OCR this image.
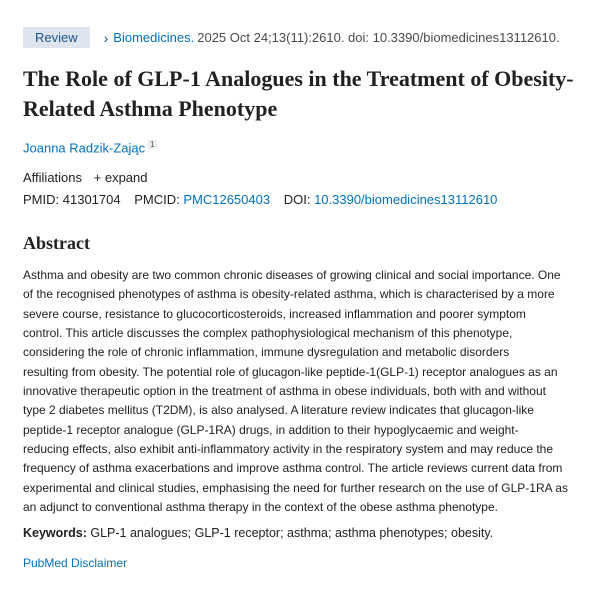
Review	› Biomedicines. 2025 Oct 24;13(11):2610. doi: 10.3390/biomedicines13112610.
The Role of GLP-1 Analogues in the Treatment of Obesity-Related Asthma Phenotype
Joanna Radzik-Zając $^1$
Affiliations + expand
PMID: 41301704 PMCID: PMC12650403 DOI: 10.3390/biomedicines13112610
Abstract
Asthma and obesity are two common chronic diseases of growing clinical and social importance. One
of the recognised phenotypes of asthma is obesity-related asthma, which is characterised by a more
severe course, resistance to glucocorticosteroids, increased inflammation and poorer symptom
control. This article discusses the complex pathophysiological mechanism of this phenotype,
considering the role of chronic inflammation, immune dysregulation and metabolic disorders
resulting from obesity. The potential role of glucagon-like peptide-1(GLP-1) receptor analogues as an
innovative therapeutic option in the treatment of asthma in obese individuals, both with and without
type 2 diabetes mellitus (T2DM), is also analysed. A literature review indicates that glucagon-like
peptide-1 receptor analogue (GLP-1RA) drugs, in addition to their hypoglycaemic and weight-
reducing effects, also exhibit anti-inflammatory activity in the respiratory system and may reduce the
frequency of asthma exacerbations and improve asthma control. The article reviews current data from
experimental and clinical studies, emphasising the need for further research on the use of GLP-1RA as
an adjunct to conventional asthma therapy in the context of the obese asthma phenotype.
Keywords: GLP-1 analogues; GLP-1 receptor; asthma; asthma phenotypes; obesity.
PubMed Disclaimer
